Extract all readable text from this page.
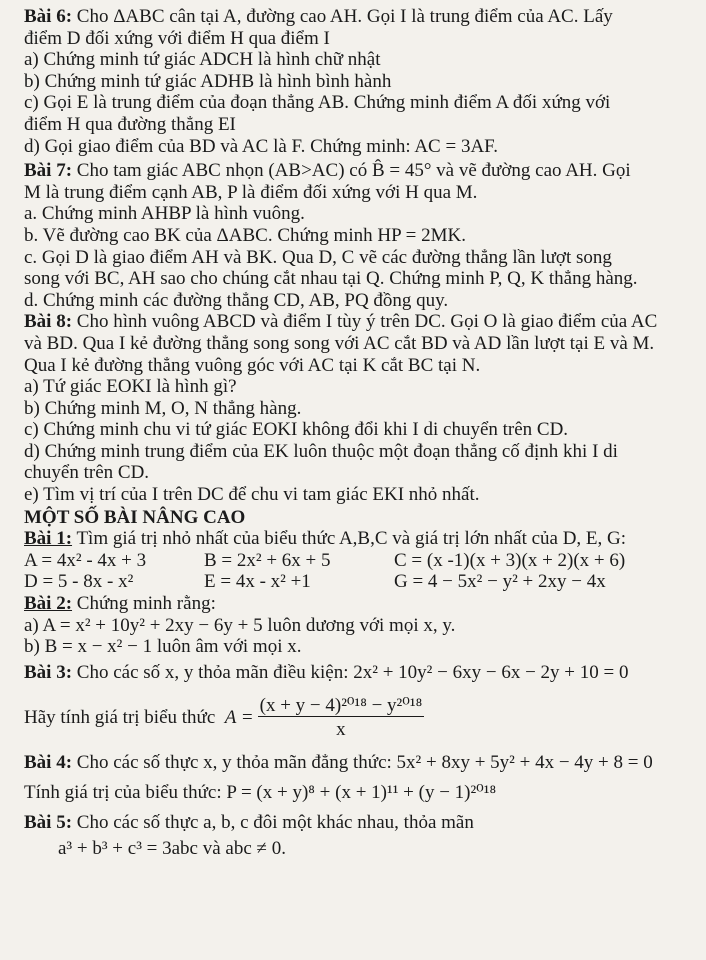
Bài 6: Cho ΔABC cân tại A, đường cao AH. Gọi I là trung điểm của AC. Lấy
điểm D đối xứng với điểm H qua điểm I
a) Chứng minh tứ giác ADCH là hình chữ nhật
b) Chứng minh tứ giác ADHB là hình bình hành
c) Gọi E là trung điểm của đoạn thẳng AB. Chứng minh điểm A đối xứng với
điểm H qua đường thẳng EI
d) Gọi giao điểm của BD và AC là F. Chứng minh: AC = 3AF.
Bài 7: Cho tam giác ABC nhọn (AB>AC) có B̂ = 45° và vẽ đường cao AH. Gọi
M là trung điểm cạnh AB, P là điểm đối xứng với H qua M.
a. Chứng minh AHBP là hình vuông.
b. Vẽ đường cao BK của ΔABC. Chứng minh HP = 2MK.
c. Gọi D là giao điểm AH và BK. Qua D, C vẽ các đường thẳng lần lượt song
song với BC, AH sao cho chúng cắt nhau tại Q. Chứng minh P, Q, K thẳng hàng.
d. Chứng minh các đường thẳng CD, AB, PQ đồng quy.
Bài 8: Cho hình vuông ABCD và điểm I tùy ý trên DC. Gọi O là giao điểm của AC
và BD. Qua I kẻ đường thẳng song song với AC cắt BD và AD lần lượt tại E và M.
Qua I kẻ đường thẳng vuông góc với AC tại K cắt BC tại N.
a) Tứ giác EOKI là hình gì?
b) Chứng minh M, O, N thẳng hàng.
c) Chứng minh chu vi tứ giác EOKI không đổi khi I di chuyển trên CD.
d) Chứng minh trung điểm của EK luôn thuộc một đoạn thẳng cố định khi I di
chuyển trên CD.
e) Tìm vị trí của I trên DC để chu vi tam giác EKI nhỏ nhất.
MỘT SỐ BÀI NÂNG CAO
Bài 1: Tìm giá trị nhỏ nhất của biểu thức A,B,C và giá trị lớn nhất của D, E, G:
A = 4x² - 4x + 3	B = 2x² + 6x + 5	C = (x -1)(x + 3)(x + 2)(x + 6)
D = 5 - 8x - x²	E = 4x - x² +1	G = 4 − 5x² − y² + 2xy − 4x
Bài 2: Chứng minh rằng:
a) A = x² + 10y² + 2xy − 6y + 5 luôn dương với mọi x, y.
b) B = x − x² − 1 luôn âm với mọi x.
Bài 3:
Cho các số x, y thỏa mãn điều kiện: 2x² + 10y² − 6xy − 6x − 2y + 10 = 0
Hãy tính giá trị biểu thức
$A = \frac{\text{(x + y − 4)²⁰¹⁸ − y²⁰¹⁸}}{x}$
Bài 4:
Cho các số thực x, y thỏa mãn đẳng thức: 5x² + 8xy + 5y² + 4x − 4y + 8 = 0
Tính giá trị của biểu thức: P = (x + y)⁸ + (x + 1)¹¹ + (y − 1)²⁰¹⁸
Bài 5:
Cho các số thực a, b, c đôi một khác nhau, thỏa mãn
a³ + b³ + c³ = 3abc và abc ≠ 0.
